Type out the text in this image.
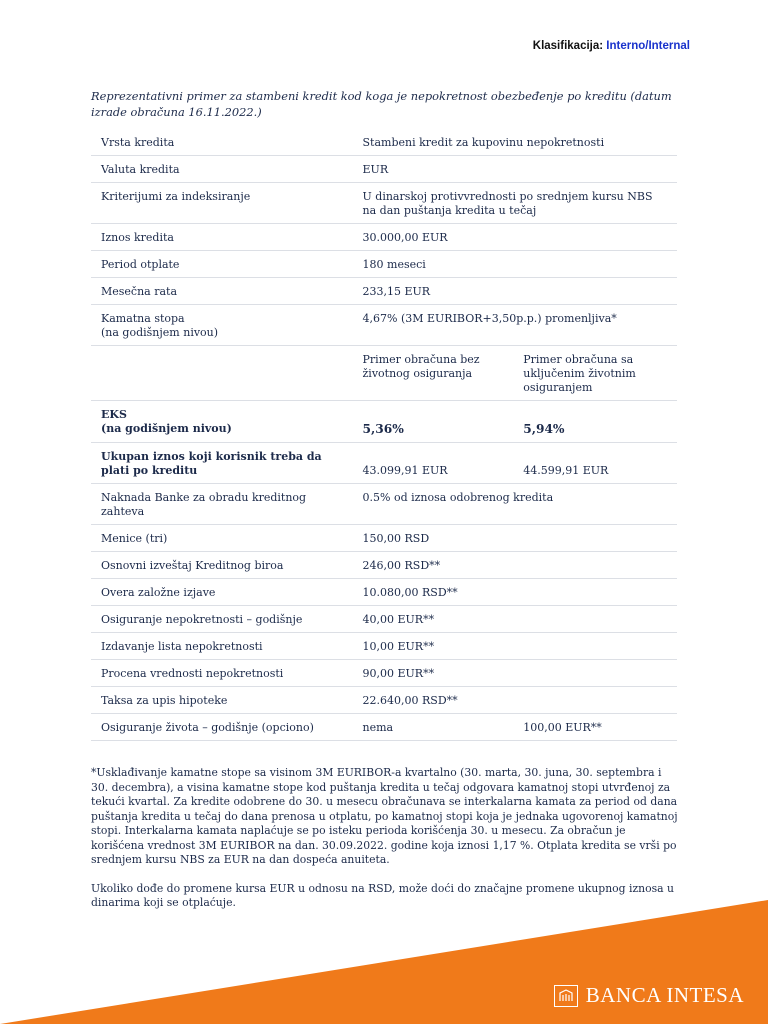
Klasifikacija: Interno/Internal
Reprezentativni primer za stambeni kredit kod koga je nepokretnost obezbeđenje po kreditu (datum izrade obračuna 16.11.2022.)
Vrsta kredita	Stambeni kredit za kupovinu nepokretnosti	
Valuta kredita	EUR	
Kriterijumi za indeksiranje	U dinarskoj protivvrednosti po srednjem kursu NBS na dan puštanja kredita u tečaj	

Iznos kredita	30.000,00 EUR	
Period otplate	180 meseci	
Mesečna rata	233,15 EUR	

Kamatna stopa
(na godišnjem nivou)	4,67% (3M EURIBOR+3,50p.p.) promenljiva*	
	Primer obračuna bez životnog osiguranja	Primer obračuna sa uključenim životnim osiguranjem

EKS
(na godišnjem nivou)	5,36%	5,94%
Ukupan iznos koji korisnik treba da plati po kreditu	43.099,91 EUR	44.599,91 EUR
Naknada Banke za obradu kreditnog zahteva	0.5% od iznosa odobrenog kredita	
Menice (tri)	150,00 RSD	
Osnovni izveštaj Kreditnog biroa	246,00 RSD**	
Overa založne izjave	10.080,00 RSD**	
Osiguranje nepokretnosti – godišnje	40,00 EUR**	
Izdavanje lista nepokretnosti	10,00 EUR**	
Procena vrednosti nepokretnosti	90,00 EUR**	
Taksa za upis hipoteke	22.640,00 RSD**	
Osiguranje života – godišnje (opciono)	nema	100,00 EUR**

*Usklađivanje kamatne stope sa visinom 3M EURIBOR-a kvartalno (30. marta, 30. juna, 30. septembra i 30. decembra), a visina kamatne stope kod puštanja kredita u tečaj odgovara kamatnoj stopi utvrđenoj za tekući kvartal. Za kredite odobrene do 30. u mesecu obračunava se interkalarna kamata za period od dana puštanja kredita u tečaj do dana prenosa u otplatu, po kamatnoj stopi koja je jednaka ugovorenoj kamatnoj stopi. Interkalarna kamata naplaćuje se po isteku perioda korišćenja 30. u mesecu. Za obračun je korišćena vrednost 3M EURIBOR na dan. 30.09.2022. godine koja iznosi 1,17 %. Otplata kredita se vrši po srednjem kursu NBS za EUR na dan dospeća anuiteta.

Ukoliko dođe do promene kursa EUR u odnosu na RSD, može doći do značajne promene ukupnog iznosa u dinarima koji se otplaćuje.

BANCA INTESA
